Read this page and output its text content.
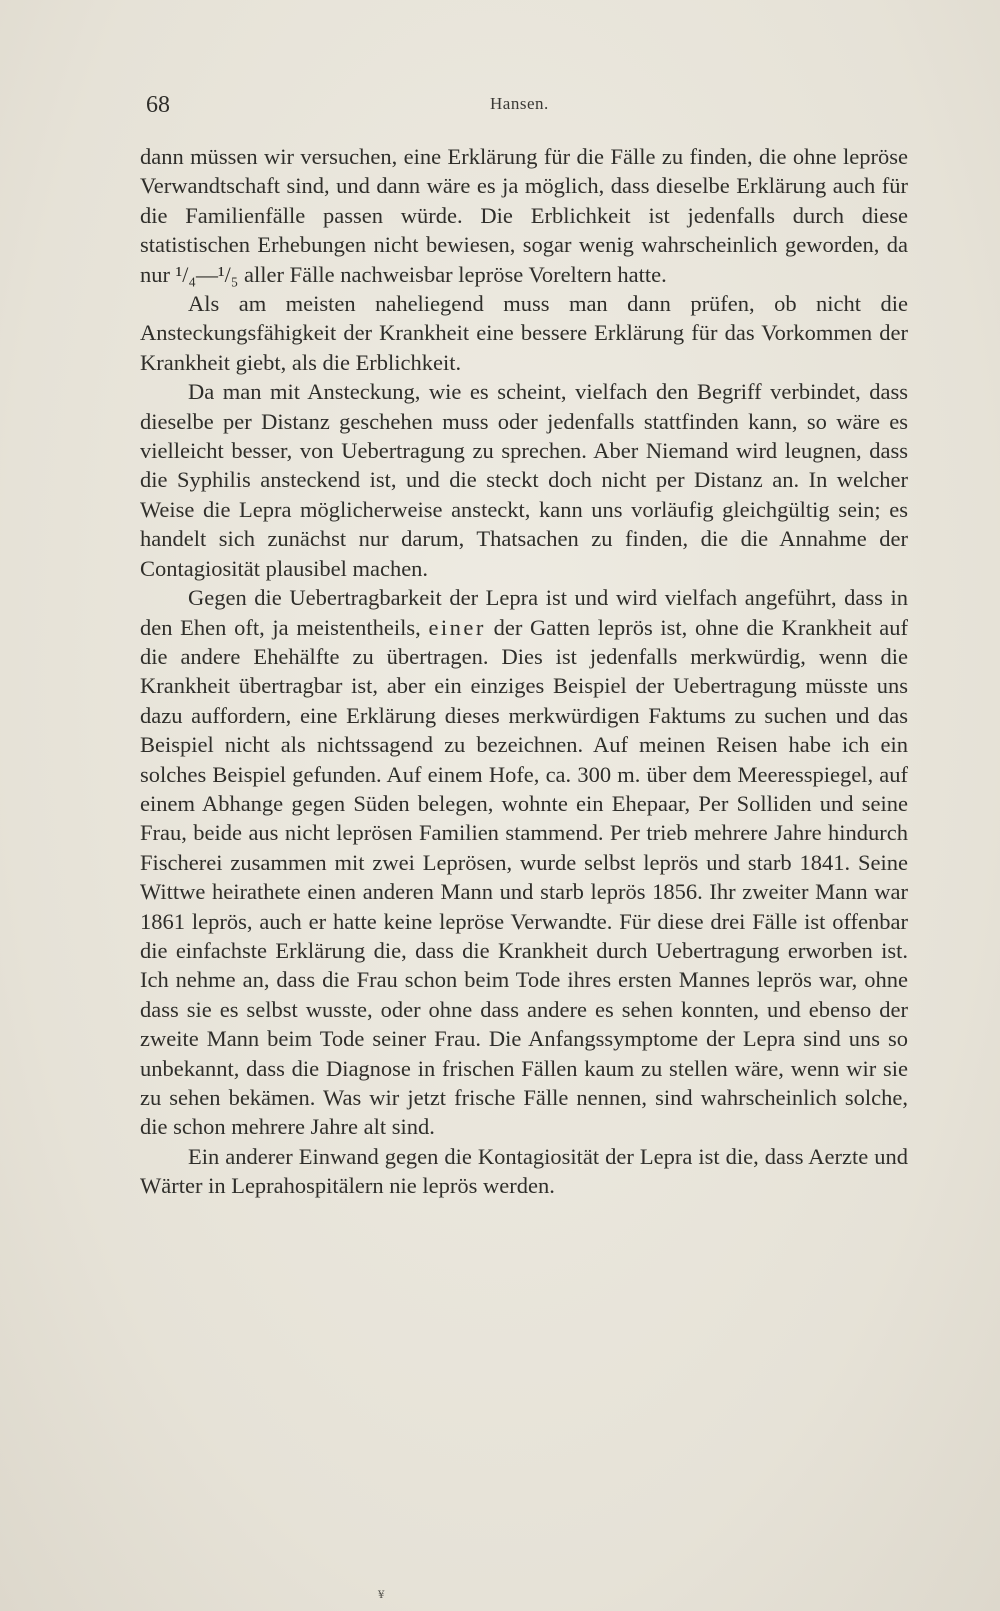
68	Hansen.

dann müssen wir versuchen, eine Erklärung für die Fälle zu finden, die ohne lepröse Verwandtschaft sind, und dann wäre es ja möglich, dass dieselbe Erklärung auch für die Familienfälle passen würde. Die Erblichkeit ist jedenfalls durch diese statistischen Erhebungen nicht bewiesen, sogar wenig wahrscheinlich geworden, da nur ¹/₄—¹/₅ aller Fälle nachweisbar lepröse Voreltern hatte.

Als am meisten naheliegend muss man dann prüfen, ob nicht die Ansteckungsfähigkeit der Krankheit eine bessere Erklärung für das Vorkommen der Krankheit giebt, als die Erblichkeit.

Da man mit Ansteckung, wie es scheint, vielfach den Begriff verbindet, dass dieselbe per Distanz geschehen muss oder jedenfalls stattfinden kann, so wäre es vielleicht besser, von Uebertragung zu sprechen. Aber Niemand wird leugnen, dass die Syphilis ansteckend ist, und die steckt doch nicht per Distanz an. In welcher Weise die Lepra möglicherweise ansteckt, kann uns vorläufig gleichgültig sein; es handelt sich zunächst nur darum, Thatsachen zu finden, die die Annahme der Contagiosität plausibel machen.

Gegen die Uebertragbarkeit der Lepra ist und wird vielfach angeführt, dass in den Ehen oft, ja meistentheils, einer der Gatten leprös ist, ohne die Krankheit auf die andere Ehehälfte zu übertragen. Dies ist jedenfalls merkwürdig, wenn die Krankheit übertragbar ist, aber ein einziges Beispiel der Uebertragung müsste uns dazu auffordern, eine Erklärung dieses merkwürdigen Faktums zu suchen und das Beispiel nicht als nichtssagend zu bezeichnen. Auf meinen Reisen habe ich ein solches Beispiel gefunden. Auf einem Hofe, ca. 300 m. über dem Meeresspiegel, auf einem Abhange gegen Süden belegen, wohnte ein Ehepaar, Per Solliden und seine Frau, beide aus nicht leprösen Familien stammend. Per trieb mehrere Jahre hindurch Fischerei zusammen mit zwei Leprösen, wurde selbst leprös und starb 1841. Seine Wittwe heirathete einen anderen Mann und starb leprös 1856. Ihr zweiter Mann war 1861 leprös, auch er hatte keine lepröse Verwandte. Für diese drei Fälle ist offenbar die einfachste Erklärung die, dass die Krankheit durch Uebertragung erworben ist. Ich nehme an, dass die Frau schon beim Tode ihres ersten Mannes leprös war, ohne dass sie es selbst wusste, oder ohne dass andere es sehen konnten, und ebenso der zweite Mann beim Tode seiner Frau. Die Anfangssymptome der Lepra sind uns so unbekannt, dass die Diagnose in frischen Fällen kaum zu stellen wäre, wenn wir sie zu sehen bekämen. Was wir jetzt frische Fälle nennen, sind wahrscheinlich solche, die schon mehrere Jahre alt sind.

Ein anderer Einwand gegen die Kontagiosität der Lepra ist die, dass Aerzte und Wärter in Leprahospitälern nie leprös werden.

¥
